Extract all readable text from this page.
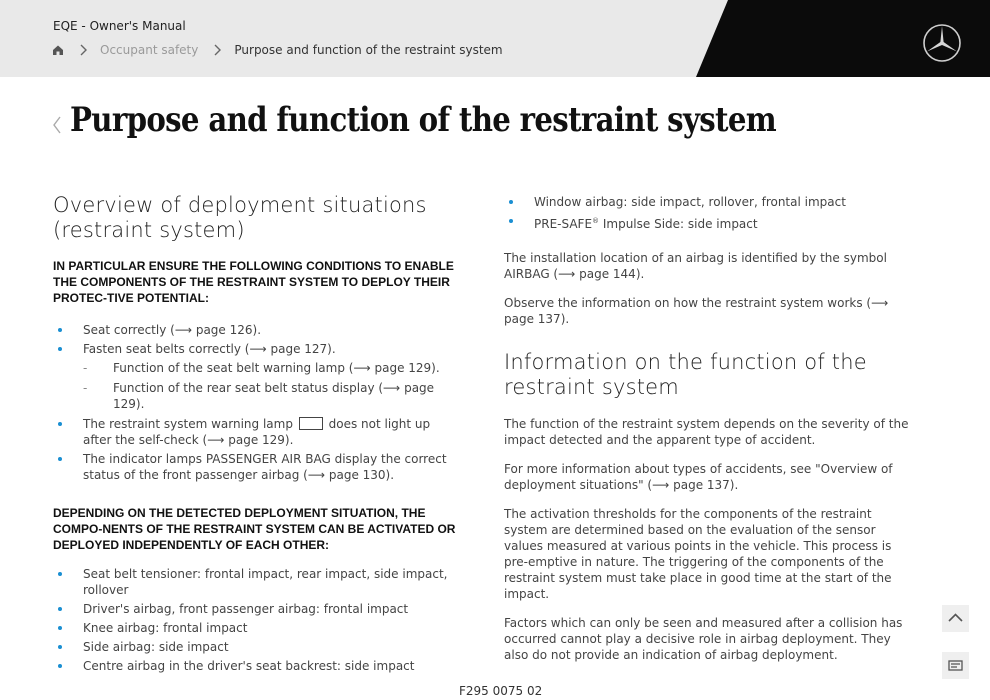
EQE - Owner's Manual
Occupant safety	Purpose and function of the restraint system
Purpose and function of the restraint system
Overview of deployment situations (restraint system)

IN PARTICULAR ENSURE THE FOLLOWING CONDITIONS TO ENABLE THE COMPONENTS OF THE RESTRAINT SYSTEM TO DEPLOY THEIR PROTEC-TIVE POTENTIAL:

Seat correctly (⟶ page 126).
Fasten seat belts correctly (⟶ page 127).
- Function of the seat belt warning lamp (⟶ page 129).
- Function of the rear seat belt status display (⟶ page 129).
The restraint system warning lamp	does not light up after the self-check (⟶ page 129).
The indicator lamps PASSENGER AIR BAG display the correct status of the front passenger airbag (⟶ page 130).

DEPENDING ON THE DETECTED DEPLOYMENT SITUATION, THE COMPO-NENTS OF THE RESTRAINT SYSTEM CAN BE ACTIVATED OR DEPLOYED INDEPENDENTLY OF EACH OTHER:

Seat belt tensioner: frontal impact, rear impact, side impact, rollover
Driver's airbag, front passenger airbag: frontal impact
Knee airbag: frontal impact
Side airbag: side impact
Centre airbag in the driver's seat backrest: side impact
Window airbag: side impact, rollover, frontal impact
PRE-SAFE® Impulse Side: side impact

The installation location of an airbag is identified by the symbol AIRBAG (⟶ page 144).

Observe the information on how the restraint system works (⟶ page 137).

Information on the function of the restraint system

The function of the restraint system depends on the severity of the impact detected and the apparent type of accident.

For more information about types of accidents, see "Overview of deployment situations" (⟶ page 137).

The activation thresholds for the components of the restraint system are determined based on the evaluation of the sensor values measured at various points in the vehicle. This process is pre-emptive in nature. The triggering of the components of the restraint system must take place in good time at the start of the impact.

Factors which can only be seen and measured after a collision has occurred cannot play a decisive role in airbag deployment. They also do not provide an indication of airbag deployment.

F295 0075 02
